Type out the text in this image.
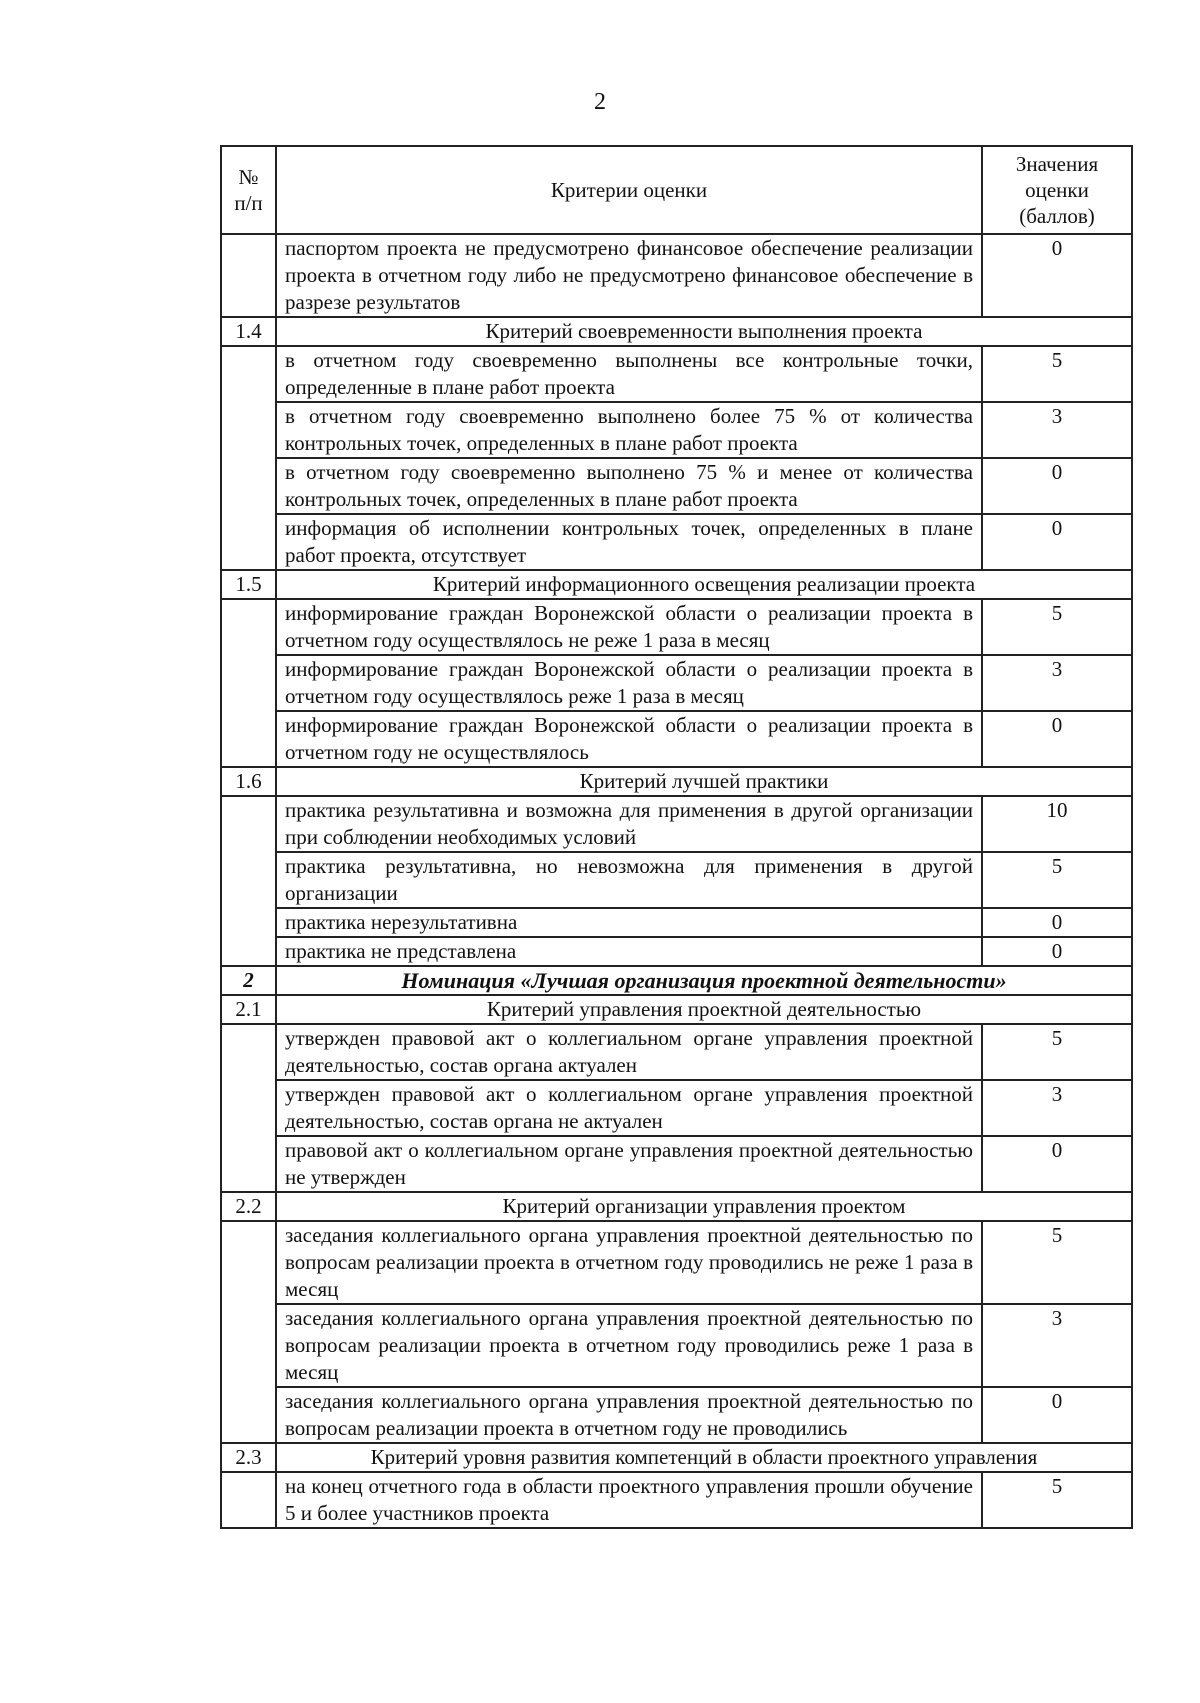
2
№ п/п	Критерии оценки	Значения оценки (баллов)
	паспортом проекта не предусмотрено финансовое обеспечение реализации проекта в отчетном году либо не предусмотрено финансовое обеспечение в разрезе результатов	0
1.4	Критерий своевременности выполнения проекта	
	в отчетном году своевременно выполнены все контрольные точки, определенные в плане работ проекта	5
	в отчетном году своевременно выполнено более 75 % от количества контрольных точек, определенных в плане работ проекта	3
	в отчетном году своевременно выполнено 75 % и менее от количества контрольных точек, определенных в плане работ проекта	0
	информация об исполнении контрольных точек, определенных в плане работ проекта, отсутствует	0
1.5	Критерий информационного освещения реализации проекта	
	информирование граждан Воронежской области о реализации проекта в отчетном году осуществлялось не реже 1 раза в месяц	5
	информирование граждан Воронежской области о реализации проекта в отчетном году осуществлялось реже 1 раза в месяц	3
	информирование граждан Воронежской области о реализации проекта в отчетном году не осуществлялось	0
1.6	Критерий лучшей практики	
	практика результативна и возможна для применения в другой организации при соблюдении необходимых условий	10
	практика результативна, но невозможна для применения в другой организации	5
	практика нерезультативна	0
	практика не представлена	0
2	Номинация «Лучшая организация проектной деятельности»	
2.1	Критерий управления проектной деятельностью	
	утвержден правовой акт о коллегиальном органе управления проектной деятельностью, состав органа актуален	5
	утвержден правовой акт о коллегиальном органе управления проектной деятельностью, состав органа не актуален	3
	правовой акт о коллегиальном органе управления проектной деятельностью не утвержден	0
2.2	Критерий организации управления проектом	
	заседания коллегиального органа управления проектной деятельностью по вопросам реализации проекта в отчетном году проводились не реже 1 раза в месяц	5
	заседания коллегиального органа управления проектной деятельностью по вопросам реализации проекта в отчетном году проводились реже 1 раза в месяц	3
	заседания коллегиального органа управления проектной деятельностью по вопросам реализации проекта в отчетном году не проводились	0
2.3	Критерий уровня развития компетенций в области проектного управления	
	на конец отчетного года в области проектного управления прошли обучение 5 и более участников проекта	5
